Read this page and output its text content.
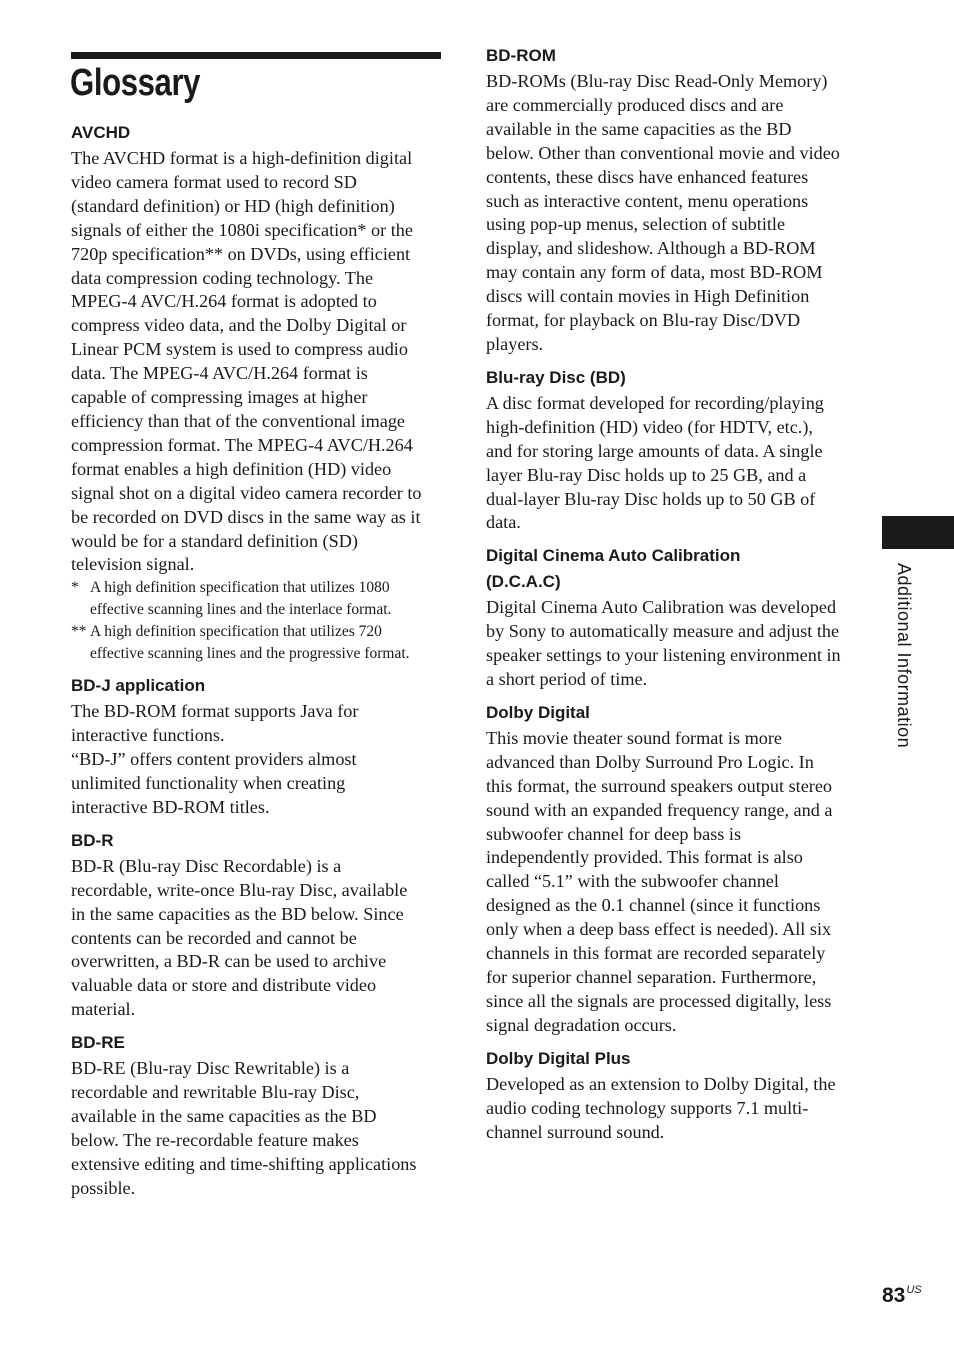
Glossary
AVCHD
The AVCHD format is a high-definition digital
video camera format used to record SD
(standard definition) or HD (high definition)
signals of either the 1080i specification* or the
720p specification** on DVDs, using efficient
data compression coding technology. The
MPEG-4 AVC/H.264 format is adopted to
compress video data, and the Dolby Digital or
Linear PCM system is used to compress audio
data. The MPEG-4 AVC/H.264 format is
capable of compressing images at higher
efficiency than that of the conventional image
compression format. The MPEG-4 AVC/H.264
format enables a high definition (HD) video
signal shot on a digital video camera recorder to
be recorded on DVD discs in the same way as it
would be for a standard definition (SD)
television signal.
* A high definition specification that utilizes 1080
effective scanning lines and the interlace format.
** A high definition specification that utilizes 720
effective scanning lines and the progressive format.
BD-J application
The BD-ROM format supports Java for
interactive functions.
“BD-J” offers content providers almost
unlimited functionality when creating
interactive BD-ROM titles.
BD-R
BD-R (Blu-ray Disc Recordable) is a
recordable, write-once Blu-ray Disc, available
in the same capacities as the BD below. Since
contents can be recorded and cannot be
overwritten, a BD-R can be used to archive
valuable data or store and distribute video
material.
BD-RE
BD-RE (Blu-ray Disc Rewritable) is a
recordable and rewritable Blu-ray Disc,
available in the same capacities as the BD
below. The re-recordable feature makes
extensive editing and time-shifting applications
possible.
BD-ROM
BD-ROMs (Blu-ray Disc Read-Only Memory)
are commercially produced discs and are
available in the same capacities as the BD
below. Other than conventional movie and video
contents, these discs have enhanced features
such as interactive content, menu operations
using pop-up menus, selection of subtitle
display, and slideshow. Although a BD-ROM
may contain any form of data, most BD-ROM
discs will contain movies in High Definition
format, for playback on Blu-ray Disc/DVD
players.
Blu-ray Disc (BD)
A disc format developed for recording/playing
high-definition (HD) video (for HDTV, etc.),
and for storing large amounts of data. A single
layer Blu-ray Disc holds up to 25 GB, and a
dual-layer Blu-ray Disc holds up to 50 GB of
data.
Digital Cinema Auto Calibration
(D.C.A.C)
Digital Cinema Auto Calibration was developed
by Sony to automatically measure and adjust the
speaker settings to your listening environment in
a short period of time.
Dolby Digital
This movie theater sound format is more
advanced than Dolby Surround Pro Logic. In
this format, the surround speakers output stereo
sound with an expanded frequency range, and a
subwoofer channel for deep bass is
independently provided. This format is also
called “5.1” with the subwoofer channel
designed as the 0.1 channel (since it functions
only when a deep bass effect is needed). All six
channels in this format are recorded separately
for superior channel separation. Furthermore,
since all the signals are processed digitally, less
signal degradation occurs.
Dolby Digital Plus
Developed as an extension to Dolby Digital, the
audio coding technology supports 7.1 multi-
channel surround sound.
Additional Information
$83^{US}$
